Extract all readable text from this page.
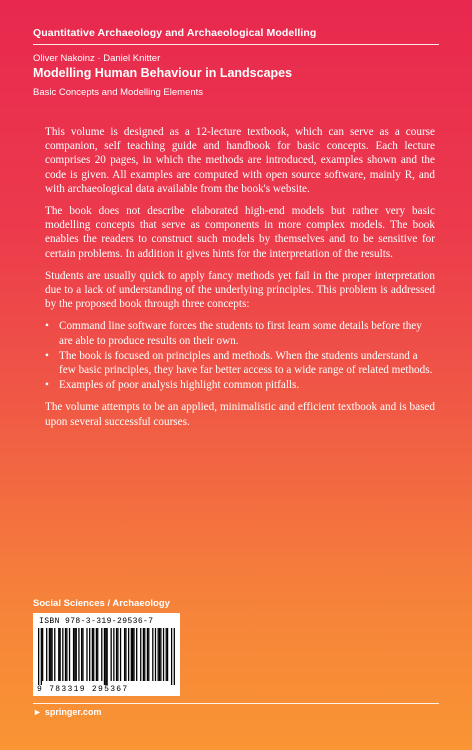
Quantitative Archaeology and Archaeological Modelling
Oliver Nakoinz · Daniel Knitter
Modelling Human Behaviour in Landscapes
Basic Concepts and Modelling Elements

This volume is designed as a 12-lecture textbook, which can serve as a course companion, self teaching guide and handbook for basic concepts. Each lecture comprises 20 pages, in which the methods are introduced, examples shown and the code is given. All examples are computed with open source software, mainly R, and with archaeological data available from the book's website.

The book does not describe elaborated high-end models but rather very basic modelling concepts that serve as components in more complex models. The book enables the readers to construct such models by themselves and to be sensitive for certain problems. In addition it gives hints for the interpretation of the results.

Students are usually quick to apply fancy methods yet fail in the proper interpretation due to a lack of understanding of the underlying principles. This problem is addressed by the proposed book through three concepts:

• Command line software forces the students to first learn some details before they are able to produce results on their own.
• The book is focused on principles and methods. When the students understand a few basic principles, they have far better access to a wide range of related methods.
• Examples of poor analysis highlight common pitfalls.

The volume attempts to be an applied, minimalistic and efficient textbook and is based upon several successful courses.

Social Sciences / Archaeology
ISBN 978-3-319-29536-7
9 783319 295367
► springer.com
